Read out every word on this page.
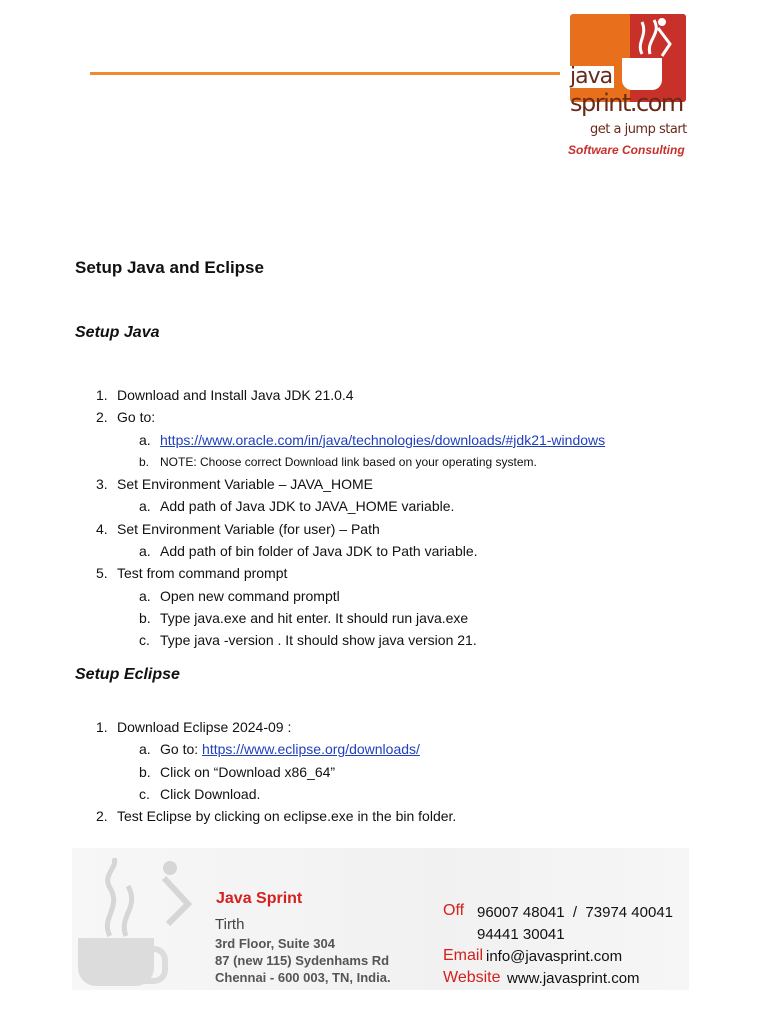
java
sprint.com
get a jump start
Software Consulting
Setup Java and Eclipse
Setup Java
1. Download and Install Java JDK 21.0.4
2. Go to:
a. https://www.oracle.com/in/java/technologies/downloads/#jdk21-windows
b. NOTE: Choose correct Download link based on your operating system.
3. Set Environment Variable – JAVA_HOME
a. Add path of Java JDK to JAVA_HOME variable.
4. Set Environment Variable (for user) – Path
a. Add path of bin folder of Java JDK to Path variable.
5. Test from command prompt
a. Open new command promptl
b. Type java.exe and hit enter. It should run java.exe
c. Type java -version . It should show java version 21.
Setup Eclipse
1. Download Eclipse 2024-09 :
a. Go to: https://www.eclipse.org/downloads/
b. Click on “Download x86_64”
c. Click Download.
2. Test Eclipse by clicking on eclipse.exe in the bin folder.
Java Sprint
Tirth
3rd Floor, Suite 304
87 (new 115) Sydenhams Rd
Chennai - 600 003, TN, India.
Off 96007 48041  /  73974 40041
94441 30041
Email info@javasprint.com
Website www.javasprint.com
